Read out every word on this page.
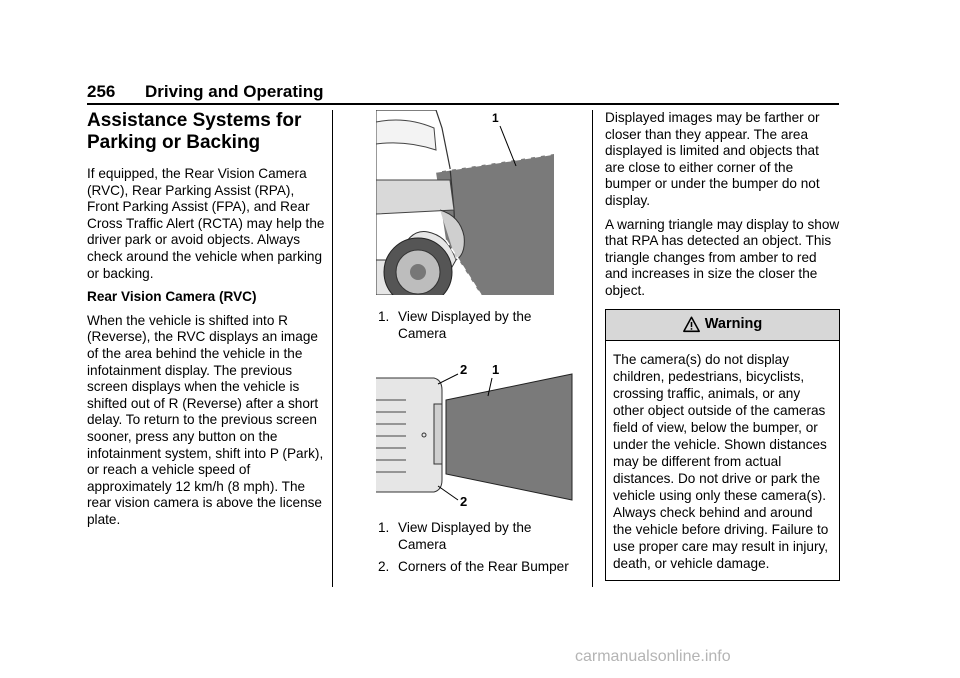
256 Driving and Operating
Assistance Systems for Parking or Backing

If equipped, the Rear Vision Camera (RVC), Rear Parking Assist (RPA), Front Parking Assist (FPA), and Rear Cross Traffic Alert (RCTA) may help the driver park or avoid objects. Always check around the vehicle when parking or backing.

Rear Vision Camera (RVC)

When the vehicle is shifted into R (Reverse), the RVC displays an image of the area behind the vehicle in the infotainment display. The previous screen displays when the vehicle is shifted out of R (Reverse) after a short delay. To return to the previous screen sooner, press any button on the infotainment system, shift into P (Park), or reach a vehicle speed of approximately 12 km/h (8 mph). The rear vision camera is above the license plate.

1
1. View Displayed by the Camera
2 1
2
1. View Displayed by the Camera
2. Corners of the Rear Bumper

Displayed images may be farther or closer than they appear. The area displayed is limited and objects that are close to either corner of the bumper or under the bumper do not display.

A warning triangle may display to show that RPA has detected an object. This triangle changes from amber to red and increases in size the closer the object.

Warning
The camera(s) do not display children, pedestrians, bicyclists, crossing traffic, animals, or any other object outside of the cameras field of view, below the bumper, or under the vehicle. Shown distances may be different from actual distances. Do not drive or park the vehicle using only these camera(s). Always check behind and around the vehicle before driving. Failure to use proper care may result in injury, death, or vehicle damage.
carmanualsonline.info
